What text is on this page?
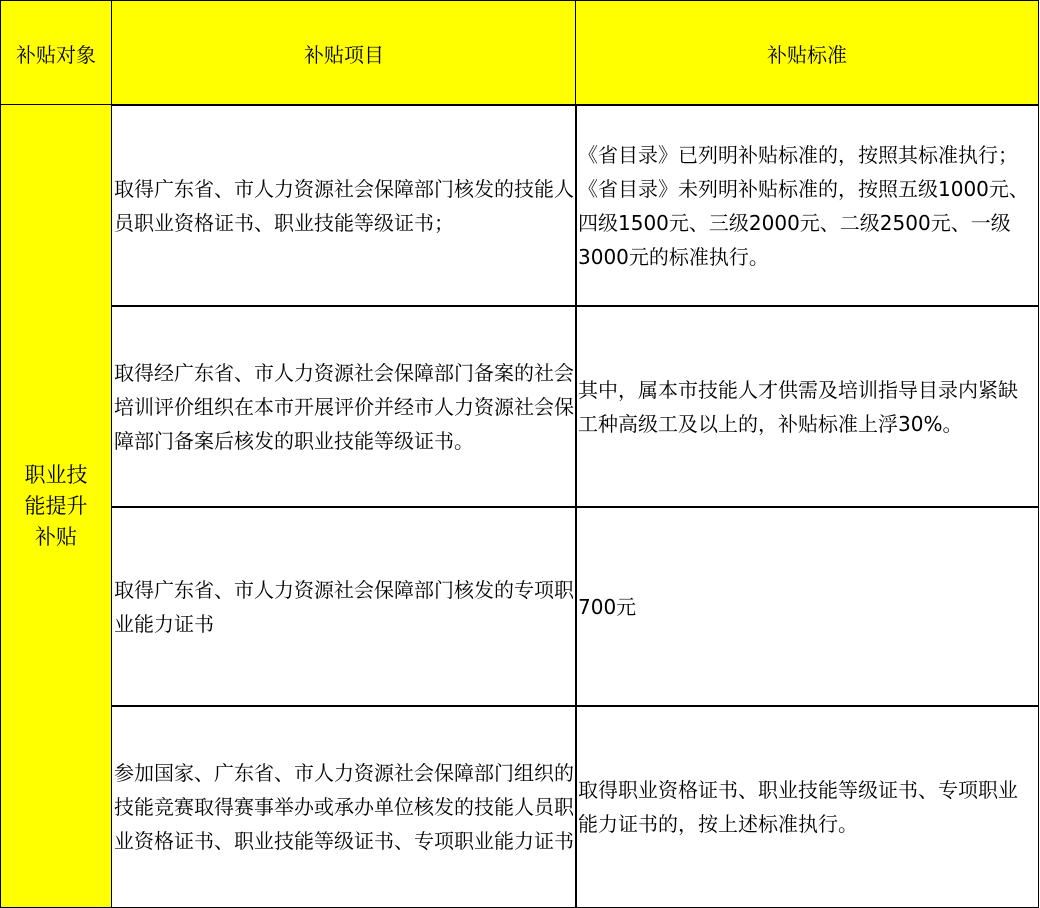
补贴对象	补贴项目	补贴标准
职业技能提升补贴
取得广东省、市人力资源社会保障部门核发的技能人员职业资格证书、职业技能等级证书；
《省目录》已列明补贴标准的，按照其标准执行；《省目录》未列明补贴标准的，按照五级1000元、四级1500元、三级2000元、二级2500元、一级3000元的标准执行。
取得经广东省、市人力资源社会保障部门备案的社会培训评价组织在本市开展评价并经市人力资源社会保障部门备案后核发的职业技能等级证书。
其中，属本市技能人才供需及培训指导目录内紧缺工种高级工及以上的，补贴标准上浮30%。
取得广东省、市人力资源社会保障部门核发的专项职业能力证书
700元
参加国家、广东省、市人力资源社会保障部门组织的技能竞赛取得赛事举办或承办单位核发的技能人员职业资格证书、职业技能等级证书、专项职业能力证书
取得职业资格证书、职业技能等级证书、专项职业能力证书的，按上述标准执行。
